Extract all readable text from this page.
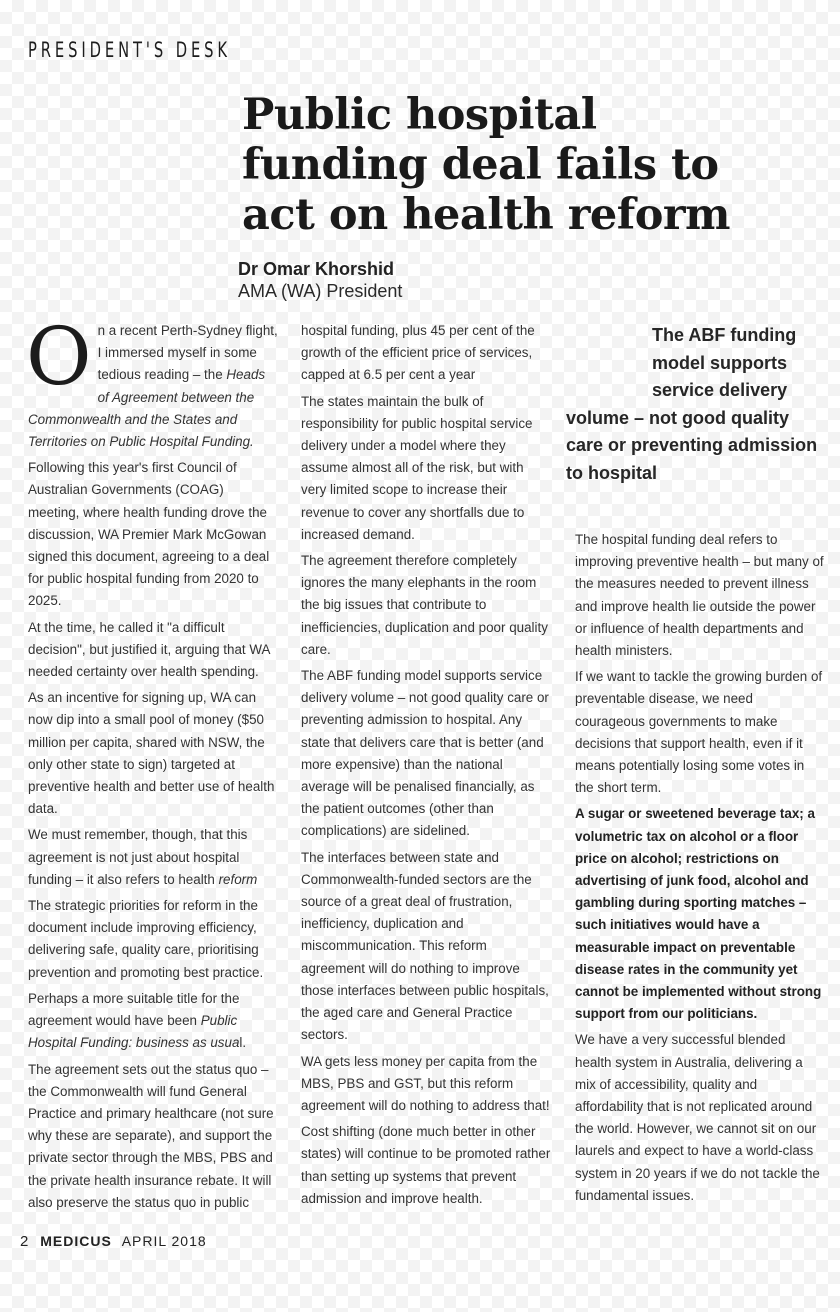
PRESIDENT'S DESK
Public hospital
funding deal fails to
act on health reform
Dr Omar Khorshid
AMA (WA) President

On a recent Perth-Sydney flight, I immersed myself in some tedious reading – the Heads of Agreement between the Commonwealth and the States and Territories on Public Hospital Funding.

Following this year's first Council of Australian Governments (COAG) meeting, where health funding drove the discussion, WA Premier Mark McGowan signed this document, agreeing to a deal for public hospital funding from 2020 to 2025.

At the time, he called it "a difficult decision", but justified it, arguing that WA needed certainty over health spending.

As an incentive for signing up, WA can now dip into a small pool of money ($50 million per capita, shared with NSW, the only other state to sign) targeted at preventive health and better use of health data.

We must remember, though, that this agreement is not just about hospital funding – it also refers to health reform

The strategic priorities for reform in the document include improving efficiency, delivering safe, quality care, prioritising prevention and promoting best practice.

Perhaps a more suitable title for the agreement would have been Public Hospital Funding: business as usual.

The agreement sets out the status quo – the Commonwealth will fund General Practice and primary healthcare (not sure why these are separate), and support the private sector through the MBS, PBS and the private health insurance rebate. It will also preserve the status quo in public

hospital funding, plus 45 per cent of the growth of the efficient price of services, capped at 6.5 per cent a year

The states maintain the bulk of responsibility for public hospital service delivery under a model where they assume almost all of the risk, but with very limited scope to increase their revenue to cover any shortfalls due to increased demand.

The agreement therefore completely ignores the many elephants in the room the big issues that contribute to inefficiencies, duplication and poor quality care.

The ABF funding model supports service delivery volume – not good quality care or preventing admission to hospital. Any state that delivers care that is better (and more expensive) than the national average will be penalised financially, as the patient outcomes (other than complications) are sidelined.

The interfaces between state and Commonwealth-funded sectors are the source of a great deal of frustration, inefficiency, duplication and miscommunication. This reform agreement will do nothing to improve those interfaces between public hospitals, the aged care and General Practice sectors.

WA gets less money per capita from the MBS, PBS and GST, but this reform agreement will do nothing to address that!

Cost shifting (done much better in other states) will continue to be promoted rather than setting up systems that prevent admission and improve health.

The ABF funding model supports service delivery
volume – not good quality care or preventing admission to hospital

The hospital funding deal refers to improving preventive health – but many of the measures needed to prevent illness and improve health lie outside the power or influence of health departments and health ministers.

If we want to tackle the growing burden of preventable disease, we need courageous governments to make decisions that support health, even if it means potentially losing some votes in the short term.

A sugar or sweetened beverage tax; a volumetric tax on alcohol or a floor price on alcohol; restrictions on advertising of junk food, alcohol and gambling during sporting matches – such initiatives would have a measurable impact on preventable disease rates in the community yet cannot be implemented without strong support from our politicians.

We have a very successful blended health system in Australia, delivering a mix of accessibility, quality and affordability that is not replicated around the world. However, we cannot sit on our laurels and expect to have a world-class system in 20 years if we do not tackle the fundamental issues.

2 MEDICUS APRIL 2018
